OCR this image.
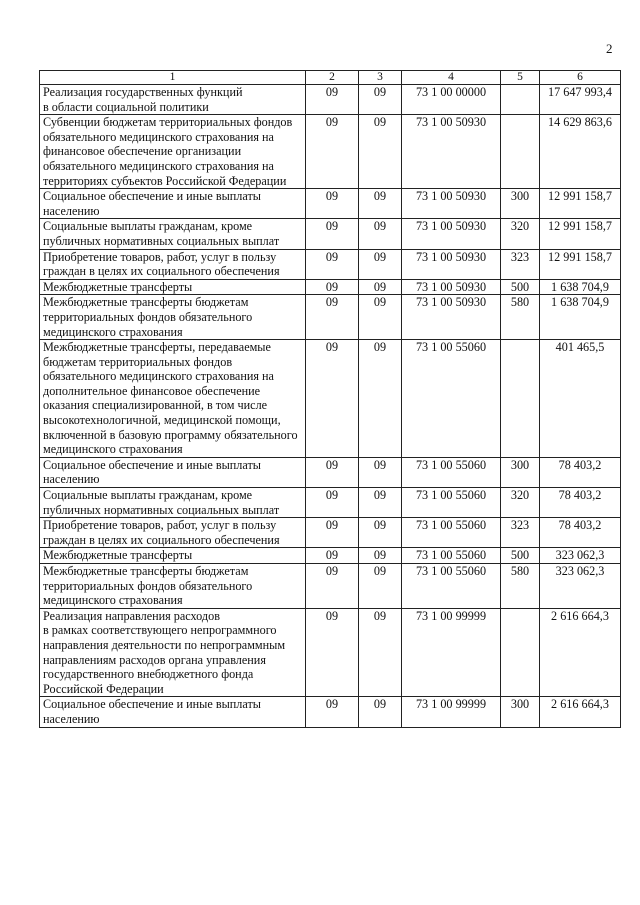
2
1	2	3	4	5	6
Реализация государственных функций
в области социальной политики	09	09	73 1 00 00000		17 647 993,4
Субвенции бюджетам территориальных фондов обязательного медицинского страхования на финансовое обеспечение организации обязательного медицинского страхования на территориях субъектов Российской Федерации	09	09	73 1 00 50930		14 629 863,6
Социальное обеспечение и иные выплаты населению	09	09	73 1 00 50930	300	12 991 158,7
Социальные выплаты гражданам, кроме публичных нормативных социальных выплат	09	09	73 1 00 50930	320	12 991 158,7
Приобретение товаров, работ, услуг в пользу граждан в целях их социального обеспечения	09	09	73 1 00 50930	323	12 991 158,7
Межбюджетные трансферты	09	09	73 1 00 50930	500	1 638 704,9
Межбюджетные трансферты бюджетам территориальных фондов обязательного медицинского страхования	09	09	73 1 00 50930	580	1 638 704,9
Межбюджетные трансферты, передаваемые бюджетам территориальных фондов обязательного медицинского страхования на дополнительное финансовое обеспечение оказания специализированной, в том числе высокотехнологичной, медицинской помощи, включенной в базовую программу обязательного медицинского страхования	09	09	73 1 00 55060		401 465,5
Социальное обеспечение и иные выплаты населению	09	09	73 1 00 55060	300	78 403,2
Социальные выплаты гражданам, кроме публичных нормативных социальных выплат	09	09	73 1 00 55060	320	78 403,2
Приобретение товаров, работ, услуг в пользу граждан в целях их социального обеспечения	09	09	73 1 00 55060	323	78 403,2
Межбюджетные трансферты	09	09	73 1 00 55060	500	323 062,3
Межбюджетные трансферты бюджетам территориальных фондов обязательного медицинского страхования	09	09	73 1 00 55060	580	323 062,3
Реализация направления расходов
в рамках соответствующего непрограммного направления деятельности по непрограммным направлениям расходов органа управления государственного внебюджетного фонда Российской Федерации	09	09	73 1 00 99999		2 616 664,3
Социальное обеспечение и иные выплаты населению	09	09	73 1 00 99999	300	2 616 664,3
